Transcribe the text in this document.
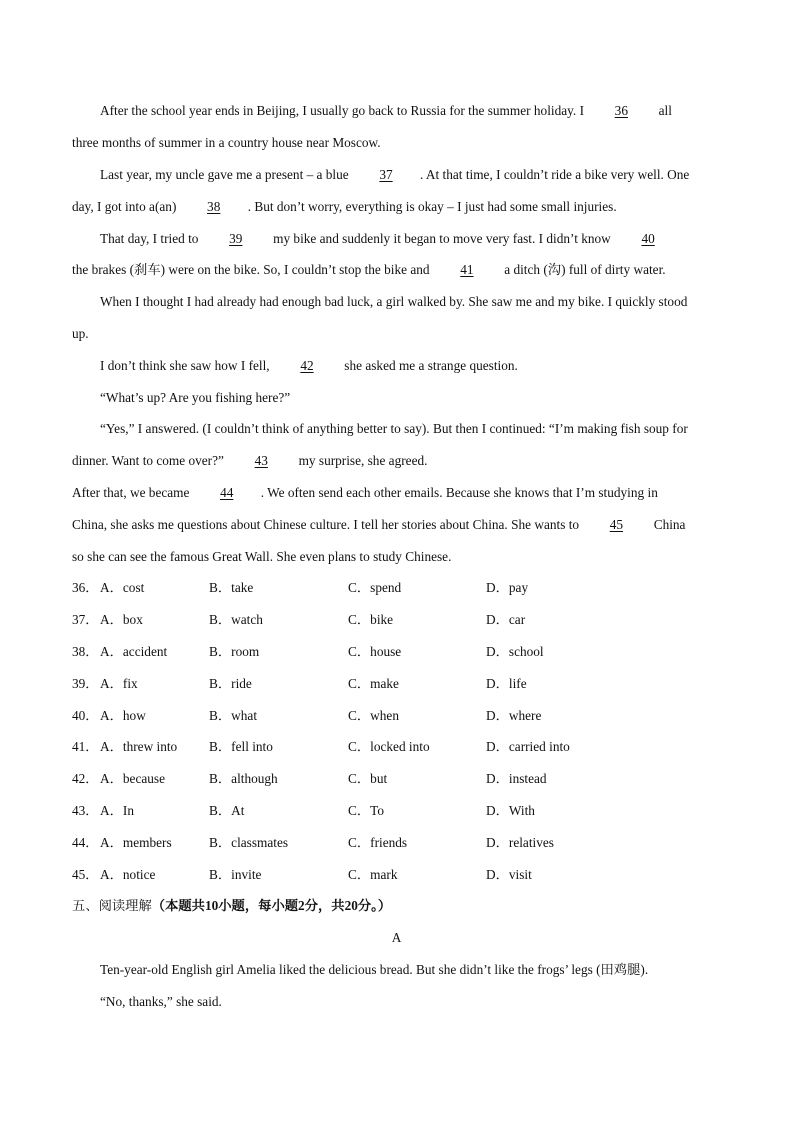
After the school year ends in Beijing, I usually go back to Russia for the summer holiday. I 36 all
three months of summer in a country house near Moscow.
Last year, my uncle gave me a present – a blue 37 . At that time, I couldn’t ride a bike very well. One
day, I got into a(an) 38 . But don’t worry, everything is okay – I just had some small injuries.
That day, I tried to 39 my bike and suddenly it began to move very fast. I didn’t know 40
the brakes (刹车) were on the bike. So, I couldn’t stop the bike and 41 a ditch (沟) full of dirty water.
When I thought I had already had enough bad luck, a girl walked by. She saw me and my bike. I quickly stood
up.
I don’t think she saw how I fell, 42 she asked me a strange question.
“What’s up? Are you fishing here?”
“Yes,” I answered. (I couldn’t think of anything better to say). But then I continued: “I’m making fish soup for
dinner. Want to come over?” 43 my surprise, she agreed.
After that, we became 44 . We often send each other emails. Because she knows that I’m studying in
China, she asks me questions about Chinese culture. I tell her stories about China. She wants to 45 China
so she can see the famous Great Wall. She even plans to study Chinese.
36． A．cost	B．take	C．spend	D．pay
37． A．box	B．watch	C．bike	D．car
38． A．accident	B．room	C．house	D．school
39． A．fix	B．ride	C．make	D．life
40． A．how	B．what	C．when	D．where
41． A．threw into B．fell into	C．locked into	D．carried into
42． A．because	B．although	C．but	D．instead
43． A．In	B．At	C．To	D．With
44． A．members	B．classmates	C．friends	D．relatives
45． A．notice	B．invite	C．mark	D．visit
五、阅读理解（本题共10小题，每小题2分，共20分。）
A
Ten-year-old English girl Amelia liked the delicious bread. But she didn’t like the frogs’ legs (田鸡腿).
“No, thanks,” she said.
